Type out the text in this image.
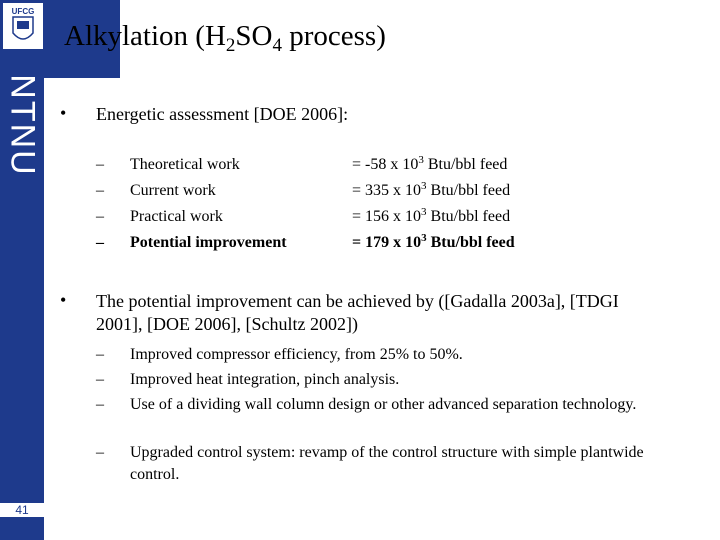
UFCG
NTNU
41
Alkylation ($H_2SO_4$ process)
• Energetic assessment [DOE 2006]:
– Theoretical work	= -58 x $10^3$ Btu/bbl feed
– Current work	= 335 x $10^3$ Btu/bbl feed
– Practical work	= 156 x $10^3$ Btu/bbl feed
– Potential improvement	= 179 x $10^3$ Btu/bbl feed
• The potential improvement can be achieved by ([Gadalla 2003a], [TDGI 2001], [DOE 2006], [Schultz 2002])
– Improved compressor efficiency, from 25% to 50%.
– Improved heat integration, pinch analysis.
– Use of a dividing wall column design or other advanced separation technology.
– Upgraded control system: revamp of the control structure with simple plantwide control.
